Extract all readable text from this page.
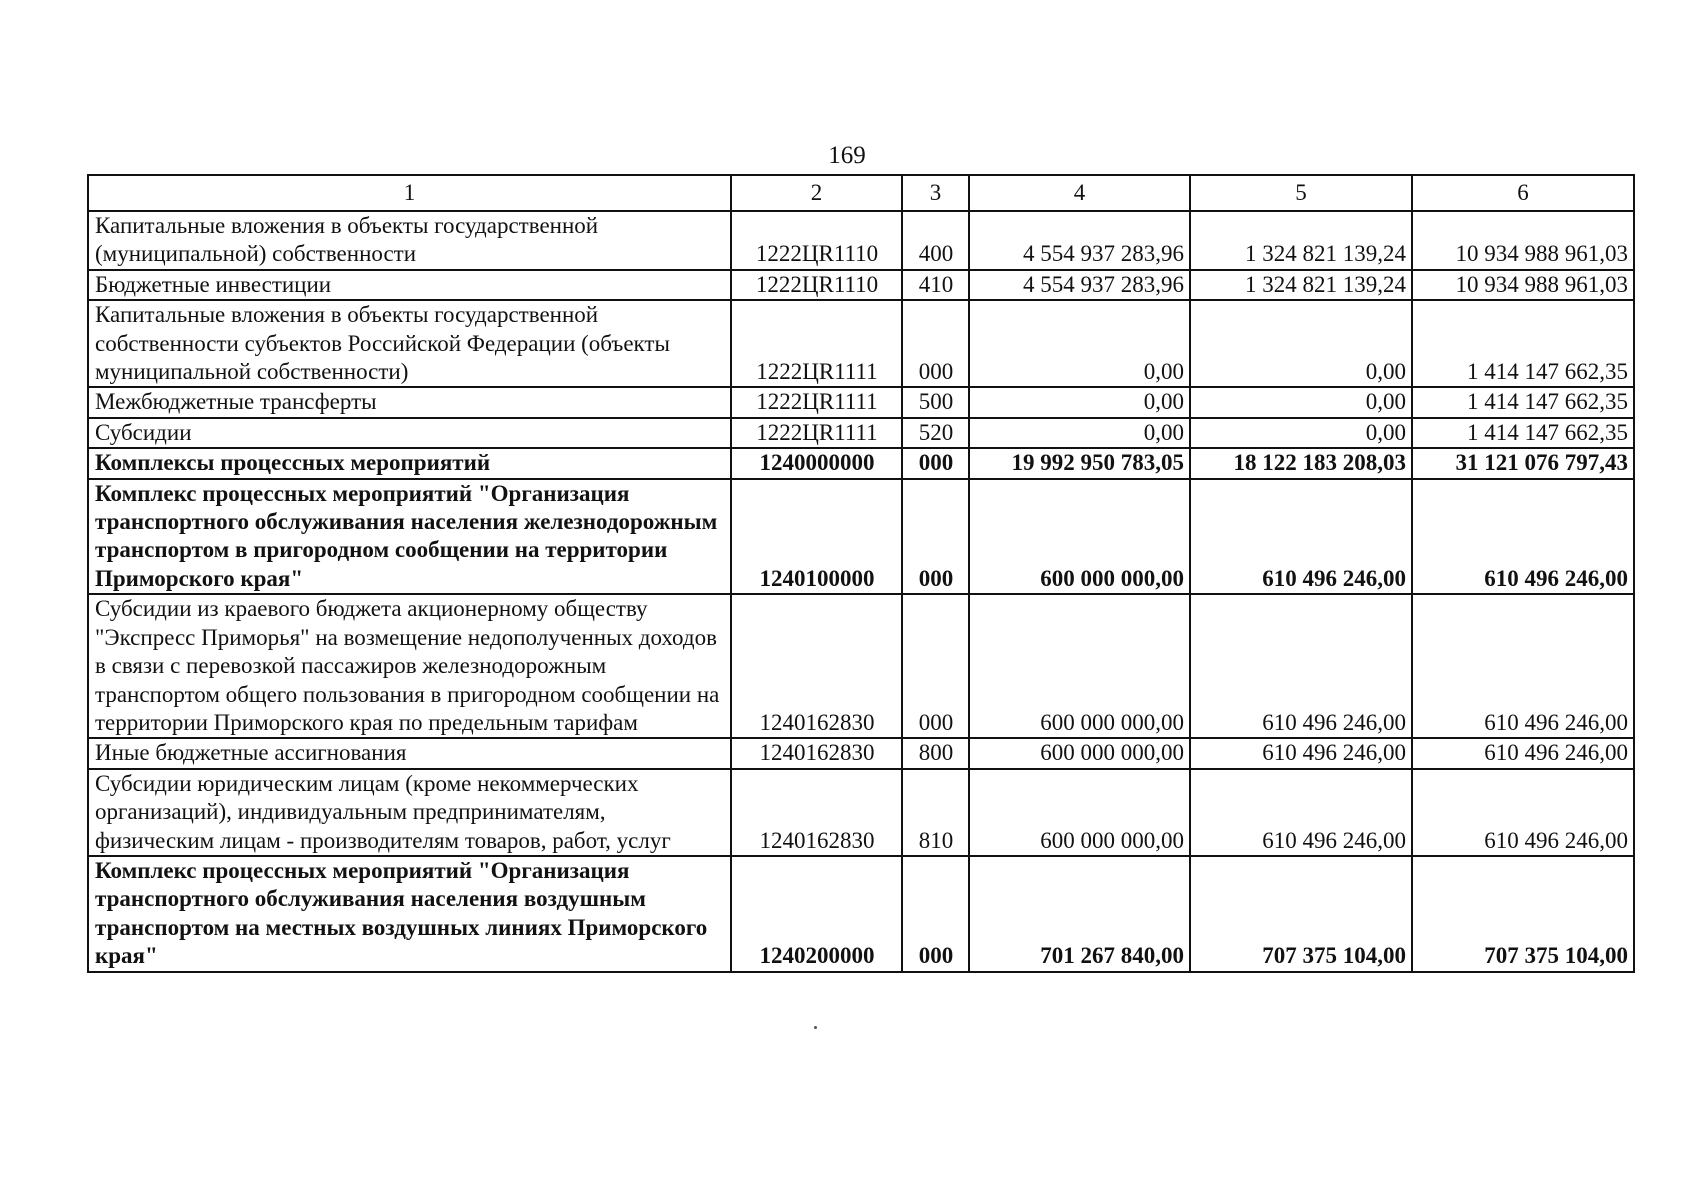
169
1	2	3	4	5	6
Капитальные вложения в объекты государственной (муниципальной) собственности	1222ЦR1110	400	4 554 937 283,96	1 324 821 139,24	10 934 988 961,03
Бюджетные инвестиции	1222ЦR1110	410	4 554 937 283,96	1 324 821 139,24	10 934 988 961,03
Капитальные вложения в объекты государственной собственности субъектов Российской Федерации (объекты муниципальной собственности)	1222ЦR1111	000	0,00	0,00	1 414 147 662,35
Межбюджетные трансферты	1222ЦR1111	500	0,00	0,00	1 414 147 662,35
Субсидии	1222ЦR1111	520	0,00	0,00	1 414 147 662,35
Комплексы процессных мероприятий	1240000000	000	19 992 950 783,05	18 122 183 208,03	31 121 076 797,43
Комплекс процессных мероприятий "Организация транспортного обслуживания населения железнодорожным транспортом в пригородном сообщении на территории Приморского края"	1240100000	000	600 000 000,00	610 496 246,00	610 496 246,00
Субсидии из краевого бюджета акционерному обществу "Экспресс Приморья" на возмещение недополученных доходов в связи с перевозкой пассажиров железнодорожным транспортом общего пользования в пригородном сообщении на территории Приморского края по предельным тарифам	1240162830	000	600 000 000,00	610 496 246,00	610 496 246,00
Иные бюджетные ассигнования	1240162830	800	600 000 000,00	610 496 246,00	610 496 246,00
Субсидии юридическим лицам (кроме некоммерческих организаций), индивидуальным предпринимателям, физическим лицам - производителям товаров, работ, услуг	1240162830	810	600 000 000,00	610 496 246,00	610 496 246,00
Комплекс процессных мероприятий "Организация транспортного обслуживания населения воздушным транспортом на местных воздушных линиях Приморского края"	1240200000	000	701 267 840,00	707 375 104,00	707 375 104,00
